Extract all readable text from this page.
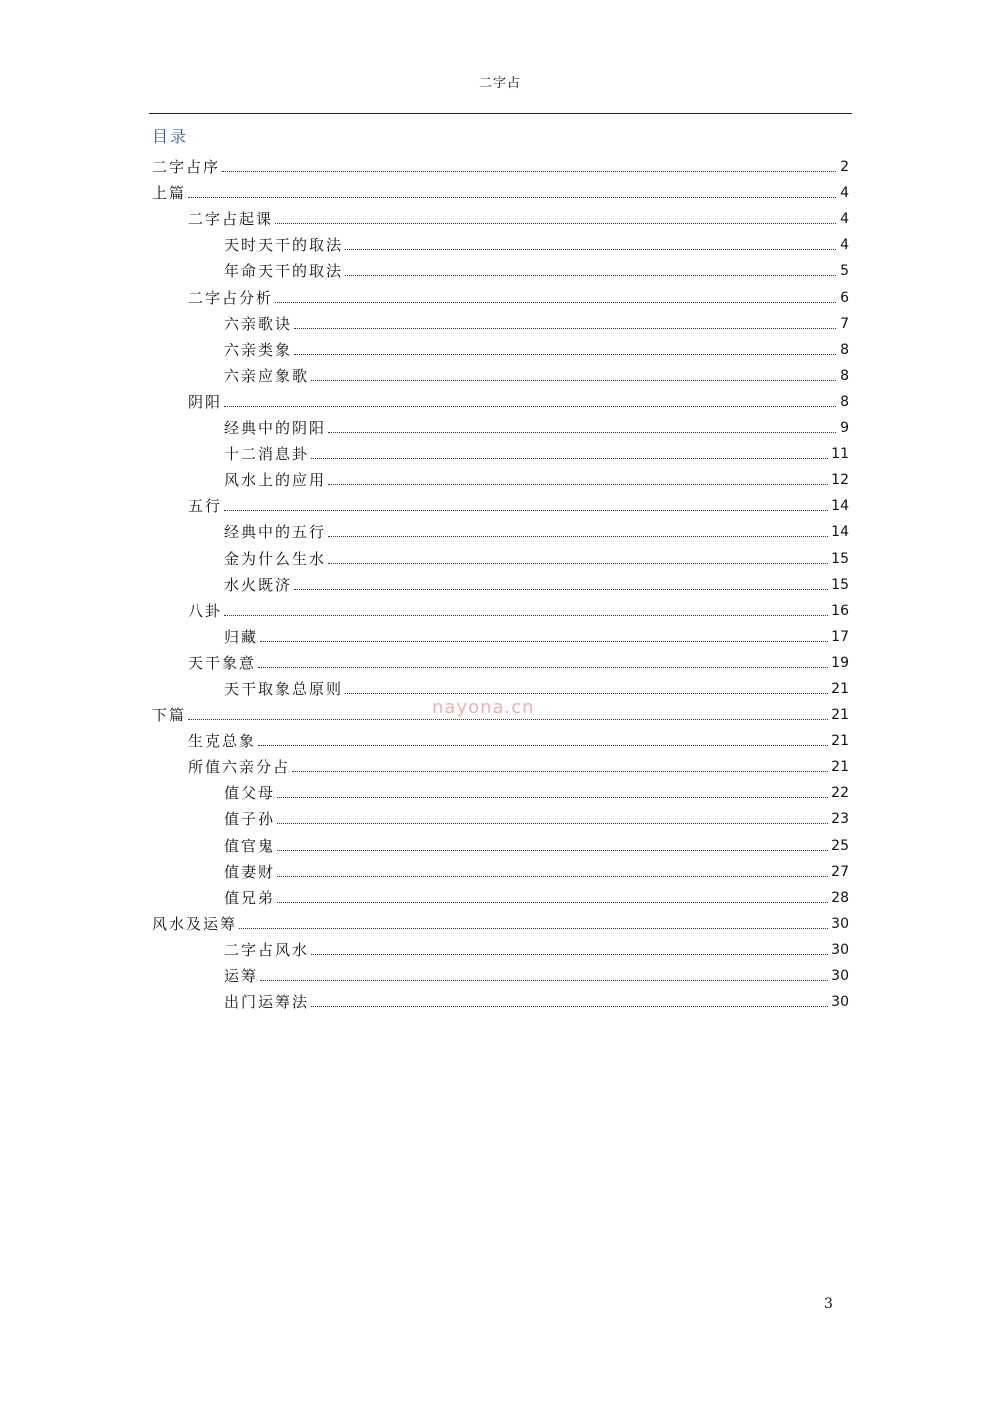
二字占
目录
二字占序	2
上篇	4
二字占起课	4
天时天干的取法	4
年命天干的取法	5
二字占分析	6
六亲歌诀	7
六亲类象	8
六亲应象歌	8
阴阳	8
经典中的阴阳	9
十二消息卦	11
风水上的应用	12
五行	14
经典中的五行	14
金为什么生水	15
水火既济	15
八卦	16
归藏	17
天干象意	19
天干取象总原则	21
下篇	21
生克总象	21
所值六亲分占	21
值父母	22
值子孙	23
值官鬼	25
值妻财	27
值兄弟	28
风水及运筹	30
二字占风水	30
运筹	30
出门运筹法	30
nayona.cn
3
